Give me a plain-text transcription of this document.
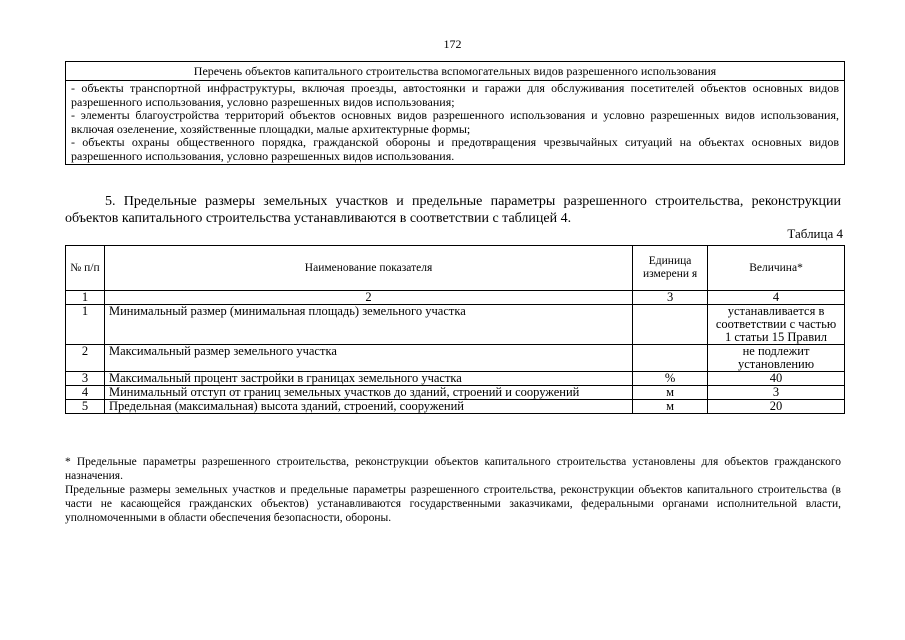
172
Перечень объектов капитального строительства вспомогательных видов разрешенного использования

- объекты транспортной инфраструктуры, включая проезды, автостоянки и гаражи для обслуживания посетителей объектов основных видов разрешенного использования, условно разрешенных видов использования;
- элементы благоустройства территорий объектов основных видов разрешенного использования и условно разрешенных видов использования, включая озеленение, хозяйственные площадки, малые архитектурные формы;
- объекты охраны общественного порядка, гражданской обороны и предотвращения чрезвычайных ситуаций на объектах основных видов разрешенного использования, условно разрешенных видов использования.
5. Предельные размеры земельных участков и предельные параметры разрешенного строительства, реконструкции объектов капитального строительства устанавливаются в соответствии с таблицей 4.
Таблица 4
№ п/п	Наименование показателя	Единица измерени я	Величина*
1	2	3	4
1	Минимальный размер (минимальная площадь) земельного участка		устанавливается в соответствии с частью 1 статьи 15 Правил
2	Максимальный размер земельного участка		не подлежит установлению
3	Максимальный процент застройки в границах земельного участка	%	40
4	Минимальный отступ от границ земельных участков до зданий, строений и сооружений	м	3
5	Предельная (максимальная) высота зданий, строений, сооружений	м	20

* Предельные параметры разрешенного строительства, реконструкции объектов капитального строительства установлены для объектов гражданского назначения.

Предельные размеры земельных участков и предельные параметры разрешенного строительства, реконструкции объектов капитального строительства (в части не касающейся гражданских объектов) устанавливаются государственными заказчиками, федеральными органами исполнительной власти, уполномоченными в области обеспечения безопасности, обороны.
